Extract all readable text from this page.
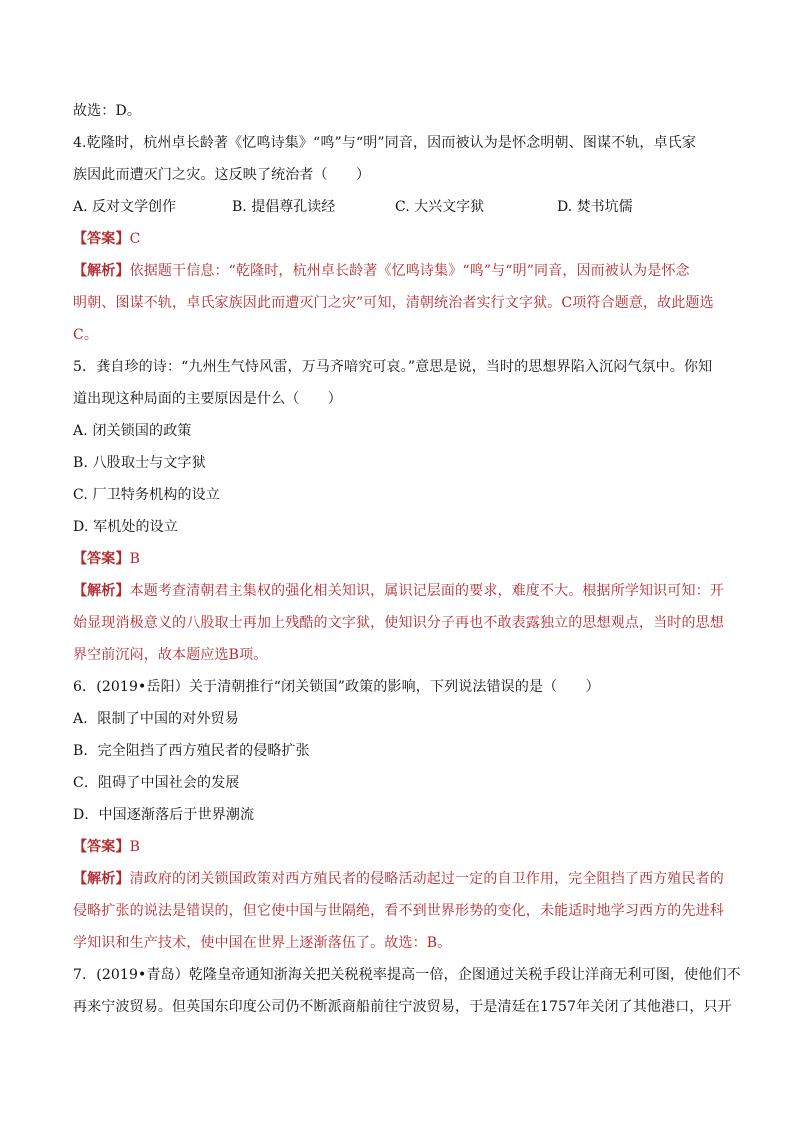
故选：D。
4.乾隆时，杭州卓长龄著《忆鸣诗集》“鸣”与“明”同音，因而被认为是怀念明朝、图谋不轨，卓氏家
族因此而遭灭门之灾。这反映了统治者（　　）
A. 反对文学创作	B. 提倡尊孔读经	C. 大兴文字狱	D. 焚书坑儒
【答案】C
【解析】依据题干信息：“乾隆时，杭州卓长龄著《忆鸣诗集》“鸣”与“明”同音，因而被认为是怀念
明朝、图谋不轨，卓氏家族因此而遭灭门之灾”可知，清朝统治者实行文字狱。C项符合题意，故此题选
C。
5．龚自珍的诗：“九州生气恃风雷，万马齐喑究可哀。”意思是说，当时的思想界陷入沉闷气氛中。你知
道出现这种局面的主要原因是什么（　　）
A. 闭关锁国的政策
B. 八股取士与文字狱
C. 厂卫特务机构的设立
D. 军机处的设立
【答案】B
【解析】本题考查清朝君主集权的强化相关知识，属识记层面的要求，难度不大。根据所学知识可知：开
始显现消极意义的八股取士再加上残酷的文字狱，使知识分子再也不敢表露独立的思想观点，当时的思想
界空前沉闷，故本题应选B项。
6．(2019•岳阳）关于清朝推行“闭关锁国”政策的影响，下列说法错误的是（　　）
A．限制了中国的对外贸易
B．完全阻挡了西方殖民者的侵略扩张
C．阻碍了中国社会的发展
D．中国逐渐落后于世界潮流
【答案】B
【解析】清政府的闭关锁国政策对西方殖民者的侵略活动起过一定的自卫作用，完全阻挡了西方殖民者的
侵略扩张的说法是错误的，但它使中国与世隔绝，看不到世界形势的变化，未能适时地学习西方的先进科
学知识和生产技术，使中国在世界上逐渐落伍了。故选：B。
7．(2019•青岛）乾隆皇帝通知浙海关把关税税率提高一倍，企图通过关税手段让洋商无利可图，使他们不
再来宁波贸易。但英国东印度公司仍不断派商船前往宁波贸易，于是清廷在1757年关闭了其他港口，只开
